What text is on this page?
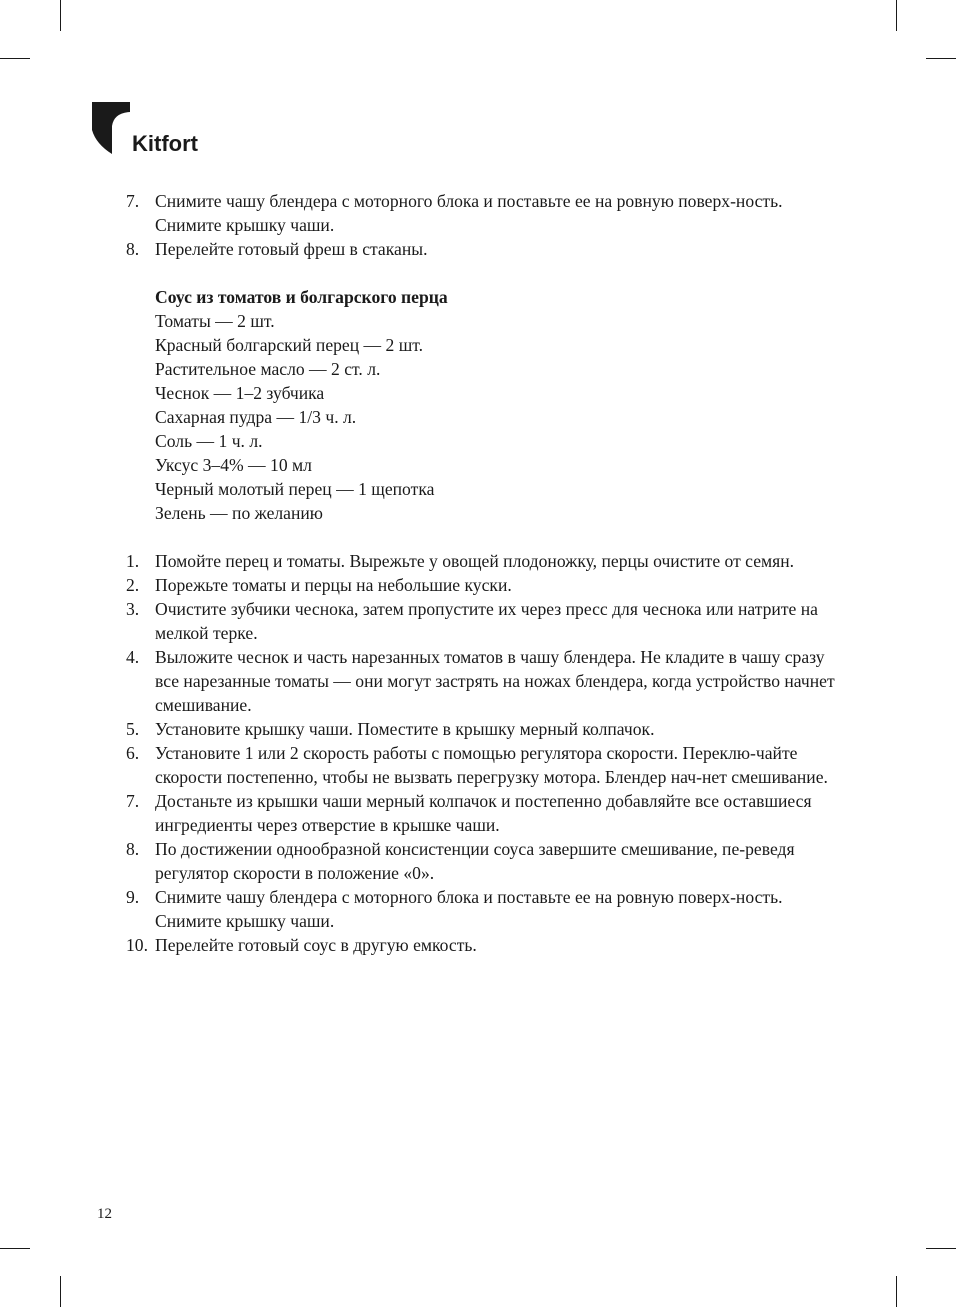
Kitfort
7. Снимите чашу блендера с моторного блока и поставьте ее на ровную поверх-ность. Снимите крышку чаши.
8. Перелейте готовый фреш в стаканы.
Соус из томатов и болгарского перца
Томаты — 2 шт.
Красный болгарский перец — 2 шт.
Растительное масло — 2 ст. л.
Чеснок — 1–2 зубчика
Сахарная пудра — 1/3 ч. л.
Соль — 1 ч. л.
Уксус 3–4% — 10 мл
Черный молотый перец — 1 щепотка
Зелень — по желанию
1. Помойте перец и томаты. Вырежьте у овощей плодоножку, перцы очистите от семян.
2. Порежьте томаты и перцы на небольшие куски.
3. Очистите зубчики чеснока, затем пропустите их через пресс для чеснока или натрите на мелкой терке.
4. Выложите чеснок и часть нарезанных томатов в чашу блендера. Не кладите в чашу сразу все нарезанные томаты — они могут застрять на ножах блендера, когда устройство начнет смешивание.
5. Установите крышку чаши. Поместите в крышку мерный колпачок.
6. Установите 1 или 2 скорость работы с помощью регулятора скорости. Переклю-чайте скорости постепенно, чтобы не вызвать перегрузку мотора. Блендер нач-нет смешивание.
7. Достаньте из крышки чаши мерный колпачок и постепенно добавляйте все оставшиеся ингредиенты через отверстие в крышке чаши.
8. По достижении однообразной консистенции соуса завершите смешивание, пе-реведя регулятор скорости в положение «0».
9. Снимите чашу блендера с моторного блока и поставьте ее на ровную поверх-ность. Снимите крышку чаши.
10. Перелейте готовый соус в другую емкость.
12
